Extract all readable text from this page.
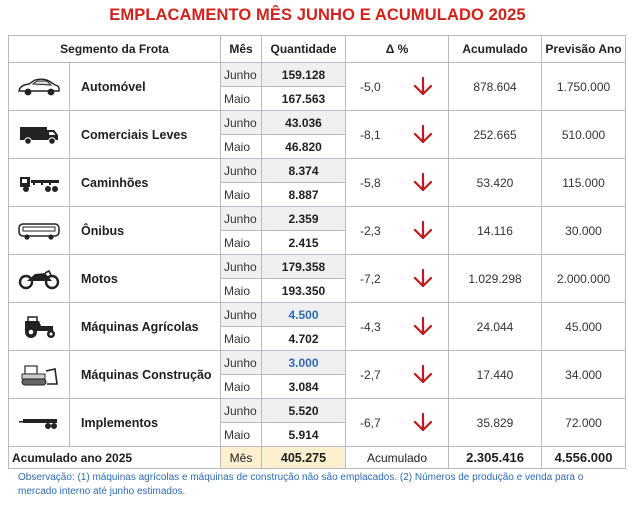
EMPLACAMENTO MÊS JUNHO E ACUMULADO 2025
Segmento da Frota		Mês	Quantidade	Δ %		Acumulado	Previsão Ano

	Automóvel	Junho	159.128	-5,0		878.604	1.750.000
		Maio	167.563				

	Comerciais Leves	Junho	43.036	-8,1		252.665	510.000
		Maio	46.820				

	Caminhões	Junho	8.374	-5,8		53.420	115.000
		Maio	8.887				

	Ônibus	Junho	2.359	-2,3		14.116	30.000
		Maio	2.415				

	Motos	Junho	179.358	-7,2		1.029.298	2.000.000
		Maio	193.350				

	Máquinas Agrícolas	Junho	4.500	-4,3		24.044	45.000
		Maio	4.702				

	Máquinas Construção	Junho	3.000	-2,7		17.440	34.000
		Maio	3.084				

	Implementos	Junho	5.520	-6,7		35.829	72.000
		Maio	5.914				
Acumulado ano 2025		Mês	405.275	Acumulado		2.305.416	4.556.000
Observação: (1) máquinas agrícolas e máquinas de construção não são emplacados. (2) Números de produção e venda para o mercado interno até junho estimados.
